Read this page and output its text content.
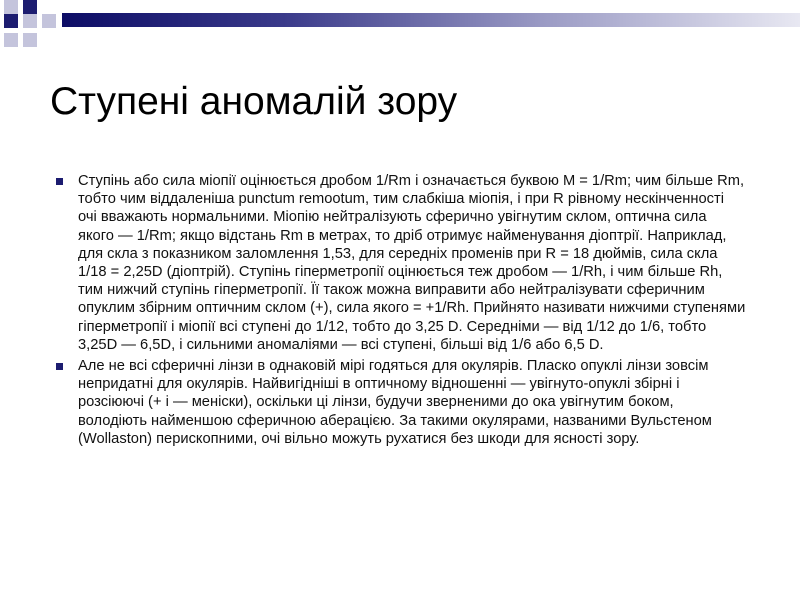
Ступені аномалій зору
Ступінь або сила міопії оцінюється дробом 1/Rm і означається буквою M = 1/Rm; чим більше Rm, тобто чим віддаленіша punctum remootum, тим слабкіша міопія, і при R рівному нескінченності очі вважають нормальними. Міопію нейтралізують сферично увігнутим склом, оптична сила якого — 1/Rm; якщо відстань Rm в метрах, то дріб отримує найменування діоптрії. Наприклад, для скла з показником заломлення 1,53, для середніх променів при R = 18 дюймів, сила скла 1/18 = 2,25D (діоптрій). Ступінь гіперметропії оцінюється теж дробом — 1/Rh, і чим більше Rh, тим нижчий ступінь гіперметропії. Її також можна виправити або нейтралізувати сферичним опуклим збірним оптичним склом (+), сила якого = +1/Rh. Прийнято називати нижчими ступенями гіперметропії і міопії всі ступені до 1/12, тобто до 3,25 D. Середніми — від 1/12 до 1/6, тобто 3,25D — 6,5D, і сильними аномаліями — всі ступені, більші від 1/6 або 6,5 D.
Але не всі сферичні лінзи в однаковій мірі годяться для окулярів. Плаcко опуклі лінзи зовсім непридатні для окулярів. Найвигідніші в оптичному відношенні — увігнуто-опуклі збірні і розсіюючі (+ і — меніски), оскільки ці лінзи, будучи зверненими до ока увігнутим боком, володіють найменшою сферичною аберацією. За такими окулярами, названими Вульстеном (Wollaston) перископними, очі вільно можуть рухатися без шкоди для ясності зору.
